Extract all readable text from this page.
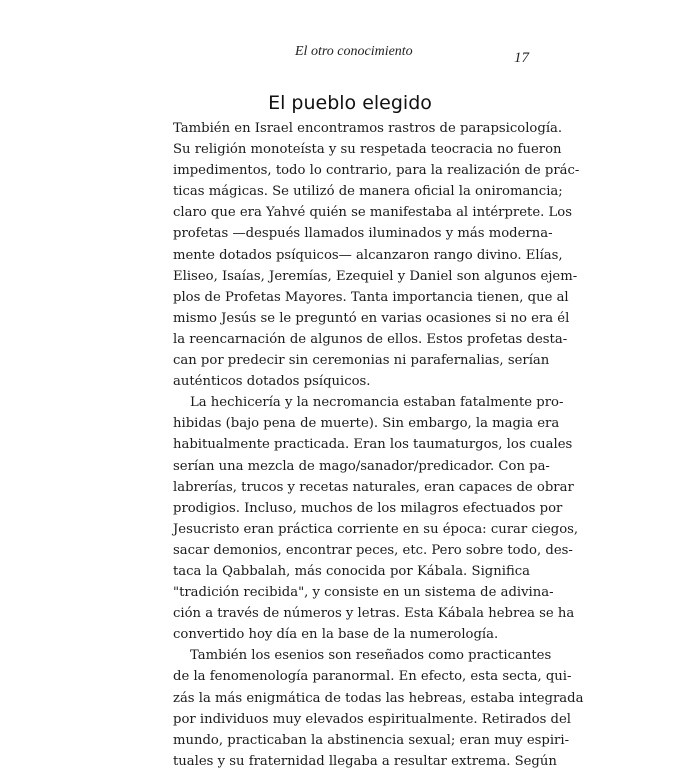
El otro conocimiento	17
El pueblo elegido
También en Israel encontramos rastros de parapsicología.
Su religión monoteísta y su respetada teocracia no fueron
impedimentos, todo lo contrario, para la realización de prác-
ticas mágicas. Se utilizó de manera oficial la oniromancia;
claro que era Yahvé quién se manifestaba al intérprete. Los
profetas —después llamados iluminados y más moderna-
mente dotados psíquicos— alcanzaron rango divino. Elías,
Eliseo, Isaías, Jeremías, Ezequiel y Daniel son algunos ejem-
plos de Profetas Mayores. Tanta importancia tienen, que al
mismo Jesús se le preguntó en varias ocasiones si no era él
la reencarnación de algunos de ellos. Estos profetas desta-
can por predecir sin ceremonias ni parafernalias, serían
auténticos dotados psíquicos.
La hechicería y la necromancia estaban fatalmente pro-
hibidas (bajo pena de muerte). Sin embargo, la magia era
habitualmente practicada. Eran los taumaturgos, los cuales
serían una mezcla de mago/sanador/predicador. Con pa-
labrerías, trucos y recetas naturales, eran capaces de obrar
prodigios. Incluso, muchos de los milagros efectuados por
Jesucristo eran práctica corriente en su época: curar ciegos,
sacar demonios, encontrar peces, etc. Pero sobre todo, des-
taca la Qabbalah, más conocida por Kábala. Significa
"tradición recibida", y consiste en un sistema de adivina-
ción a través de números y letras. Esta Kábala hebrea se ha
convertido hoy día en la base de la numerología.
También los esenios son reseñados como practicantes
de la fenomenología paranormal. En efecto, esta secta, qui-
zás la más enigmática de todas las hebreas, estaba integrada
por individuos muy elevados espiritualmente. Retirados del
mundo, practicaban la abstinencia sexual; eran muy espiri-
tuales y su fraternidad llegaba a resultar extrema. Según
